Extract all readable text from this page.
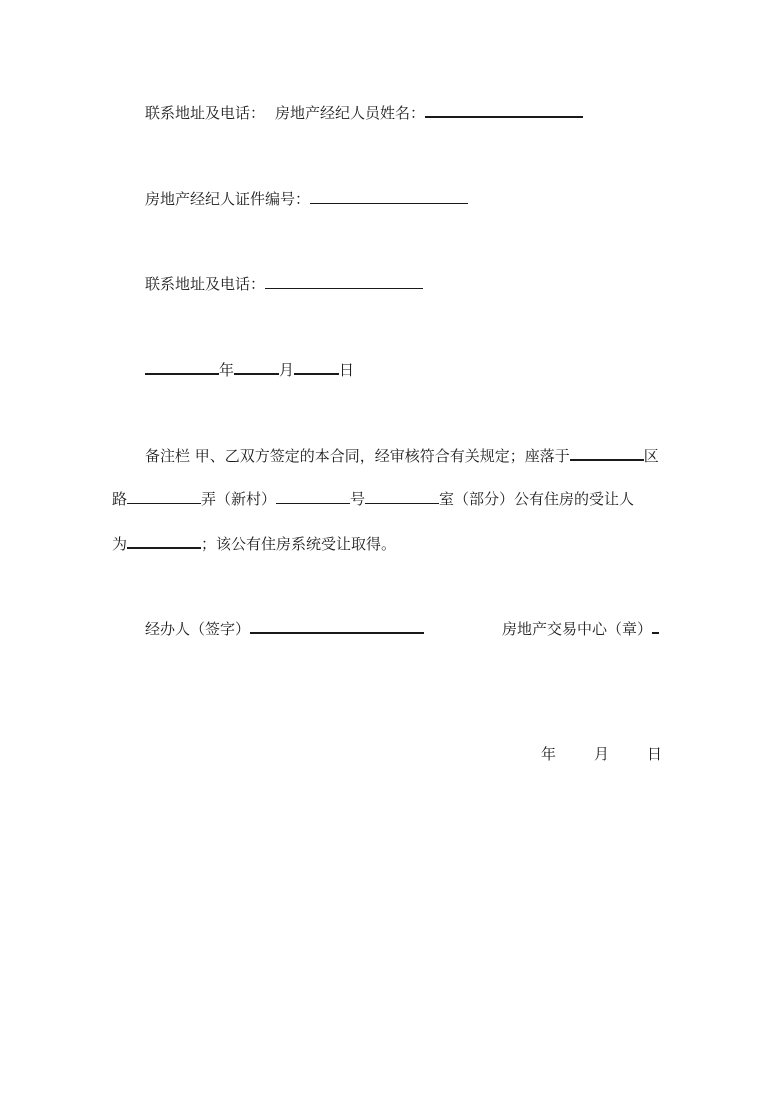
联系地址及电话： 房地产经纪人员姓名：
房地产经纪人证件编号：
联系地址及电话：
年	月	日
备注栏 甲、乙双方签定的本合同，经审核符合有关规定；座落于	区
路	弄（新村）	号	室（部分）公有住房的受让人
为	；该公有住房系统受让取得。
经办人（签字）	房地产交易中心（章）
年	月	日
